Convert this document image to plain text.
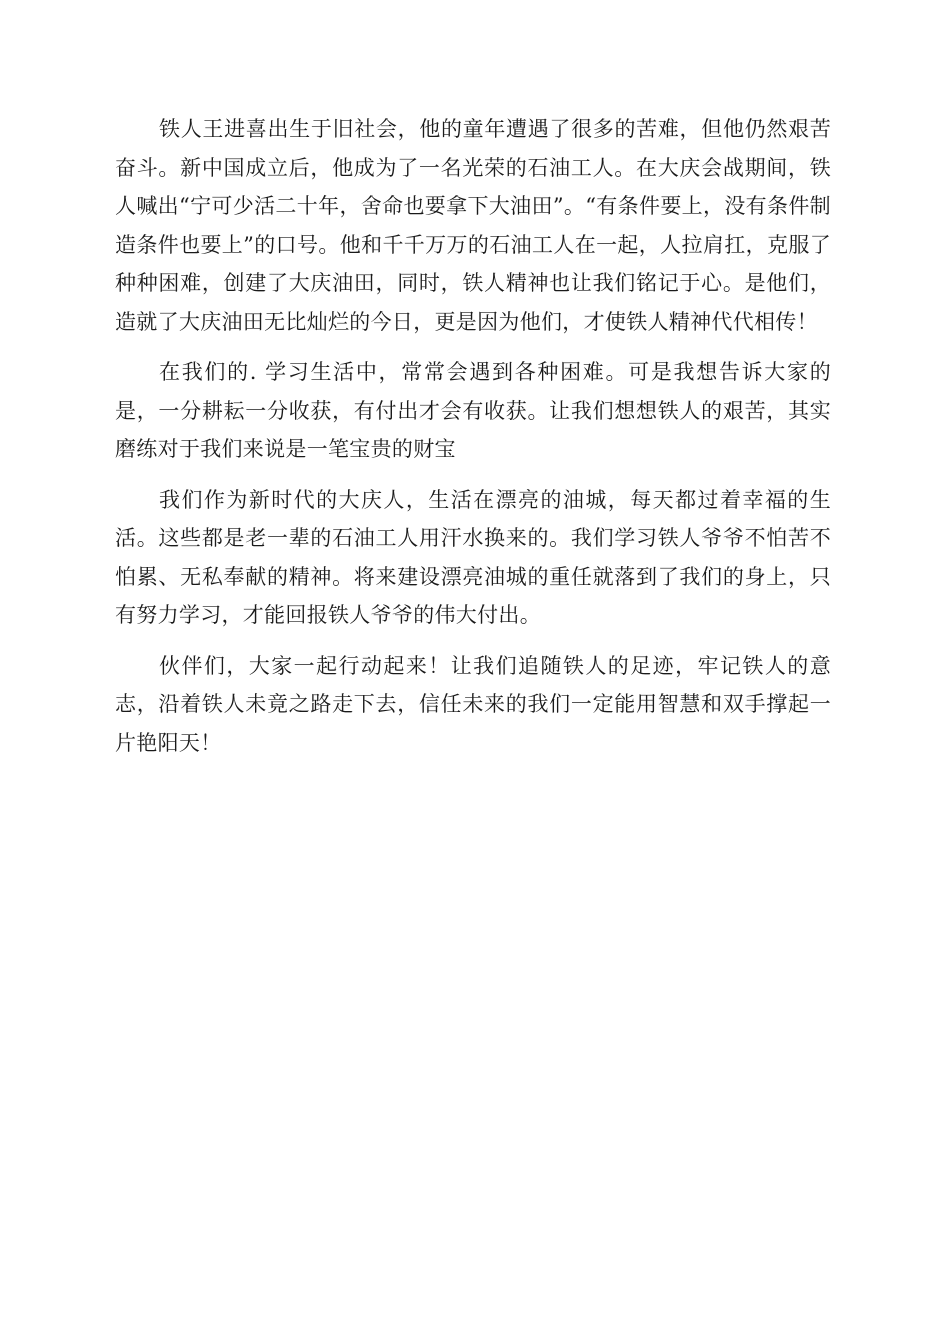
铁人王进喜出生于旧社会，他的童年遭遇了很多的苦难，但他仍然艰苦奋斗。新中国成立后，他成为了一名光荣的石油工人。在大庆会战期间，铁人喊出“宁可少活二十年，舍命也要拿下大油田”。“有条件要上，没有条件制造条件也要上”的口号。他和千千万万的石油工人在一起，人拉肩扛，克服了种种困难，创建了大庆油田，同时，铁人精神也让我们铭记于心。是他们，造就了大庆油田无比灿烂的今日，更是因为他们，才使铁人精神代代相传！

在我们的. 学习生活中，常常会遇到各种困难。可是我想告诉大家的是，一分耕耘一分收获，有付出才会有收获。让我们想想铁人的艰苦，其实磨练对于我们来说是一笔宝贵的财宝

我们作为新时代的大庆人，生活在漂亮的油城，每天都过着幸福的生活。这些都是老一辈的石油工人用汗水换来的。我们学习铁人爷爷不怕苦不怕累、无私奉献的精神。将来建设漂亮油城的重任就落到了我们的身上，只有努力学习，才能回报铁人爷爷的伟大付出。

伙伴们，大家一起行动起来！让我们追随铁人的足迹，牢记铁人的意志，沿着铁人未竟之路走下去，信任未来的我们一定能用智慧和双手撑起一片艳阳天！
